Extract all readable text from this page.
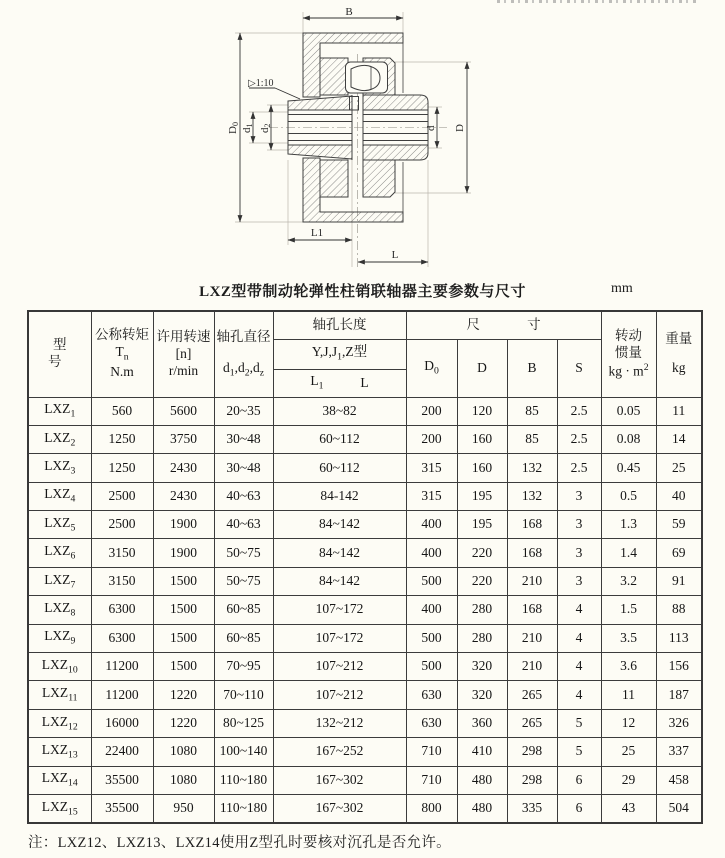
B
▷1:10
D0
d1
d2	d D
L1
L
LXZ型带制动轮弹性柱销联轴器主要参数与尺寸	mm
型 号	公称转矩$T_n$
N.m	许用转速
[n]
r/min	轴孔直径
$d_1,d_2,d_z$	轴孔长度	尺 寸				转动
惯量
kg · $m^2$	重量
kg

				$Y,J,J_1,Z$型	$D_0$	D	B	S		

				$L_1$ L						

$LXZ_1$	560	5600	20~35	38~82	200	120	85	2.5	0.05	11
$LXZ_2$	1250	3750	30~48	60~112	200	160	85	2.5	0.08	14
$LXZ_3$	1250	2430	30~48	60~112	315	160	132	2.5	0.45	25
$LXZ_4$	2500	2430	40~63	84-142	315	195	132	3	0.5	40
$LXZ_5$	2500	1900	40~63	84~142	400	195	168	3	1.3	59
$LXZ_6$	3150	1900	50~75	84~142	400	220	168	3	1.4	69
$LXZ_7$	3150	1500	50~75	84~142	500	220	210	3	3.2	91
$LXZ_8$	6300	1500	60~85	107~172	400	280	168	4	1.5	88
$LXZ_9$	6300	1500	60~85	107~172	500	280	210	4	3.5	113
$LXZ_{10}$	11200	1500	70~95	107~212	500	320	210	4	3.6	156
$LXZ_{11}$	11200	1220	70~110	107~212	630	320	265	4	11	187
$LXZ_{12}$	16000	1220	80~125	132~212	630	360	265	5	12	326
$LXZ_{13}$	22400	1080	100~140	167~252	710	410	298	5	25	337
$LXZ_{14}$	35500	1080	110~180	167~302	710	480	298	6	29	458
$LXZ_{15}$	35500	950	110~180	167~302	800	480	335	6	43	504
注：LXZ12、LXZ13、LXZ14使用Z型孔时要核对沉孔是否允许。
